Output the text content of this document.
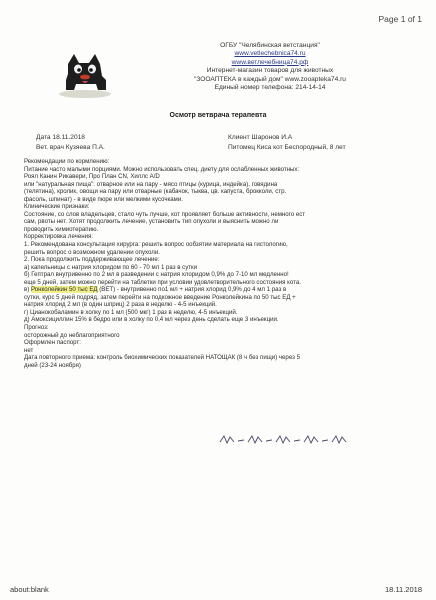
Page 1 of 1
ОГБУ "Челябинская ветстанция"
www.vetlechebnica74.ru
www.ветлечебница74.рф
Интернет-магазин товаров для животных
"ЗООАПТЕКА в каждый дом" www.zooapteka74.ru
Единый номер телефона: 214-14-14
Осмотр ветврача терапевта
Дата 18.11.2018
Вет. врач Кузяева П.А.
Клиент Шаронов И.А
Питомец Киса кот Беспородный, 8 лет
Рекомендации по кормлению:
Питание часто малыми порциями. Можно использовать спец. диету для ослабленных животных:
Роял Канин Рикавери, Про План CN, Хиллс A/D
или "натуральная пища": отварное или на пару - мясо птицы (курица, индейка), говядина
(телятина), кролик, овощи на пару или отварные (кабачок, тыква, цв. капуста, брокколи, стр.
фасоль, шпинат) - в виде пюре или мелкими кусочками.
Клинические признаки:
Состояние, со слов владельцев, стало чуть лучше, кот проявляет больше активности, немного ест
сам, рвоты нет. Хотят продолжить лечение, установить тип опухоли и выяснить можно ли
проводить химиотерапию.
Корректировка лечения:
1. Рекомендована консультация хирурга: решить вопрос ообзятии материала на гистологию,
решить вопрос о возможном удалении опухоли.
2. Пока продолжить поддерживающее лечение:
а) капельницы с натрия хлоридом по 60 - 70 мл 1 раз в сутки
б) Гептрал внутривенно по 2 мл в разведении с натрия хлоридом 0,9% до 7-10 мл медленно!
еще 5 дней, затем можно перейти на таблетки при условии удовлетворительного состояния кота.
в) Ронколейкин 50 тыс ЕД (ВЕТ) - внутривенно по1 мл + натрия хлорид 0,9% до 4 мл 1 раз в
сутки, курс 5 дней подряд, затем перейти на подкожное введение Ронколейкина по 50 тыс ЕД +
натрия хлорид 2 мл (в один шприц) 2 раза в неделю - 4-5 инъекций.
г) Цианокобаламин в холку по 1 мл (500 мкг) 1 раз в неделю, 4-5 инъекций.
д) Амоксициллин 15% в бедро или в холку по 0,4 мл через день сделать еще 3 инъекции.
Прогноз:
осторожный до неблагоприятного
Оформлен паспорт:
нет
Дата повторного приема: контроль биохимических показателей НАТОЩАК (8 ч без пищи) через 5
дней (23-24 ноября)
about:blank	18.11.2018
